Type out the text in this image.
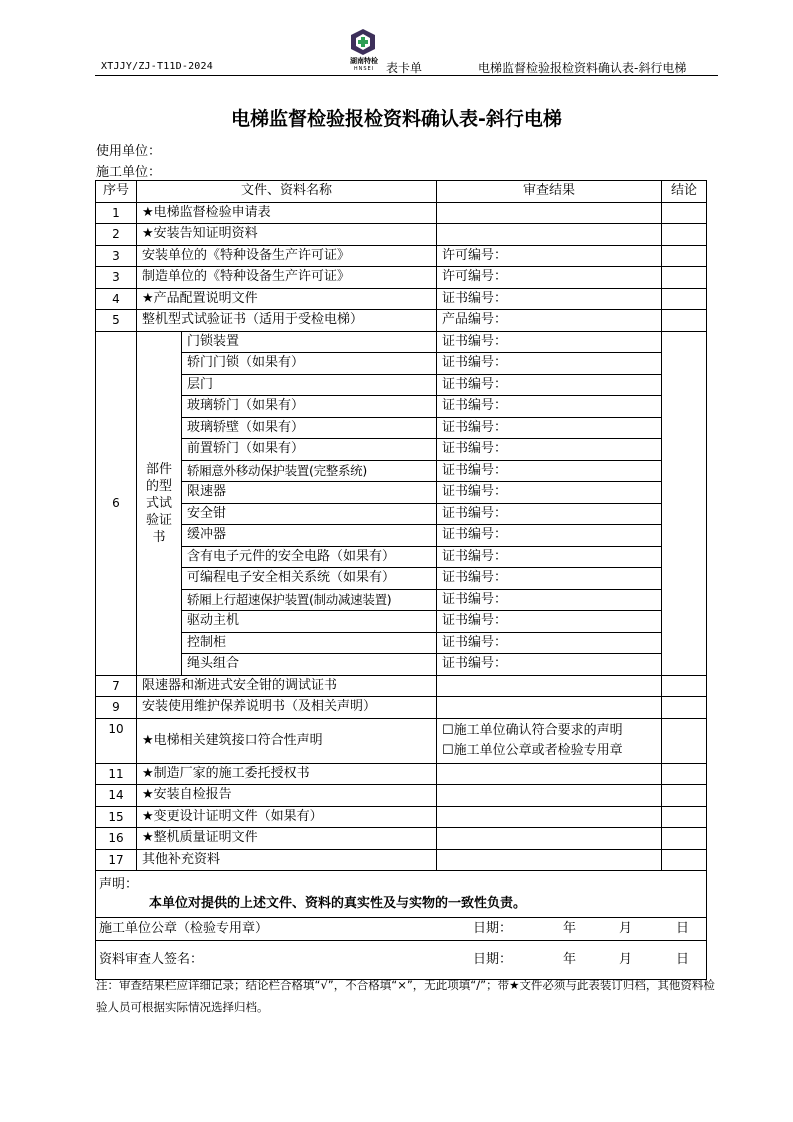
XTJJY/ZJ-T11D-2024	湖南特检
HNSEI 表卡单	电梯监督检验报检资料确认表-斜行电梯
电梯监督检验报检资料确认表-斜行电梯
使用单位：
施工单位：
序号	文件、资料名称		审查结果	结论
1	★电梯监督检验申请表			
2	★安装告知证明资料			
3	安装单位的《特种设备生产许可证》		许可编号：	
3	制造单位的《特种设备生产许可证》		许可编号：	
4	★产品配置说明文件		证书编号：	
5	整机型式试验证书（适用于受检电梯）		产品编号：	
6	部件的型式试验证书	门锁装置	证书编号：	
		轿门门锁（如果有）	证书编号：	
		层门	证书编号：	
		玻璃轿门（如果有）	证书编号：	
		玻璃轿壁（如果有）	证书编号：	
		前置轿门（如果有）	证书编号：	
		轿厢意外移动保护装置(完整系统)	证书编号：	
		限速器	证书编号：	
		安全钳	证书编号：	
		缓冲器	证书编号：	
		含有电子元件的安全电路（如果有）	证书编号：	
		可编程电子安全相关系统（如果有）	证书编号：	
		轿厢上行超速保护装置(制动减速装置)	证书编号：	
		驱动主机	证书编号：	
		控制柜	证书编号：	
		绳头组合	证书编号：	
7	限速器和渐进式安全钳的调试证书			
9	安装使用维护保养说明书（及相关声明）			
10	★电梯相关建筑接口符合性声明		☐施工单位确认符合要求的声明
☐施工单位公章或者检验专用章	

11	★制造厂家的施工委托授权书			
14	★安装自检报告			
15	★变更设计证明文件（如果有）			
16	★整机质量证明文件			
17	其他补充资料			

声明：
本单位对提供的上述文件、资料的真实性及与实物的一致性负责。				

施工单位公章（检验专用章） 日期： 年 月 日				

资料审查人签名： 日期： 年 月 日				
注：审查结果栏应详细记录；结论栏合格填“√”，不合格填“×”，无此项填“/”；带★文件必须与此表装订归档，其他资料检验人员可根据实际情况选择归档。
